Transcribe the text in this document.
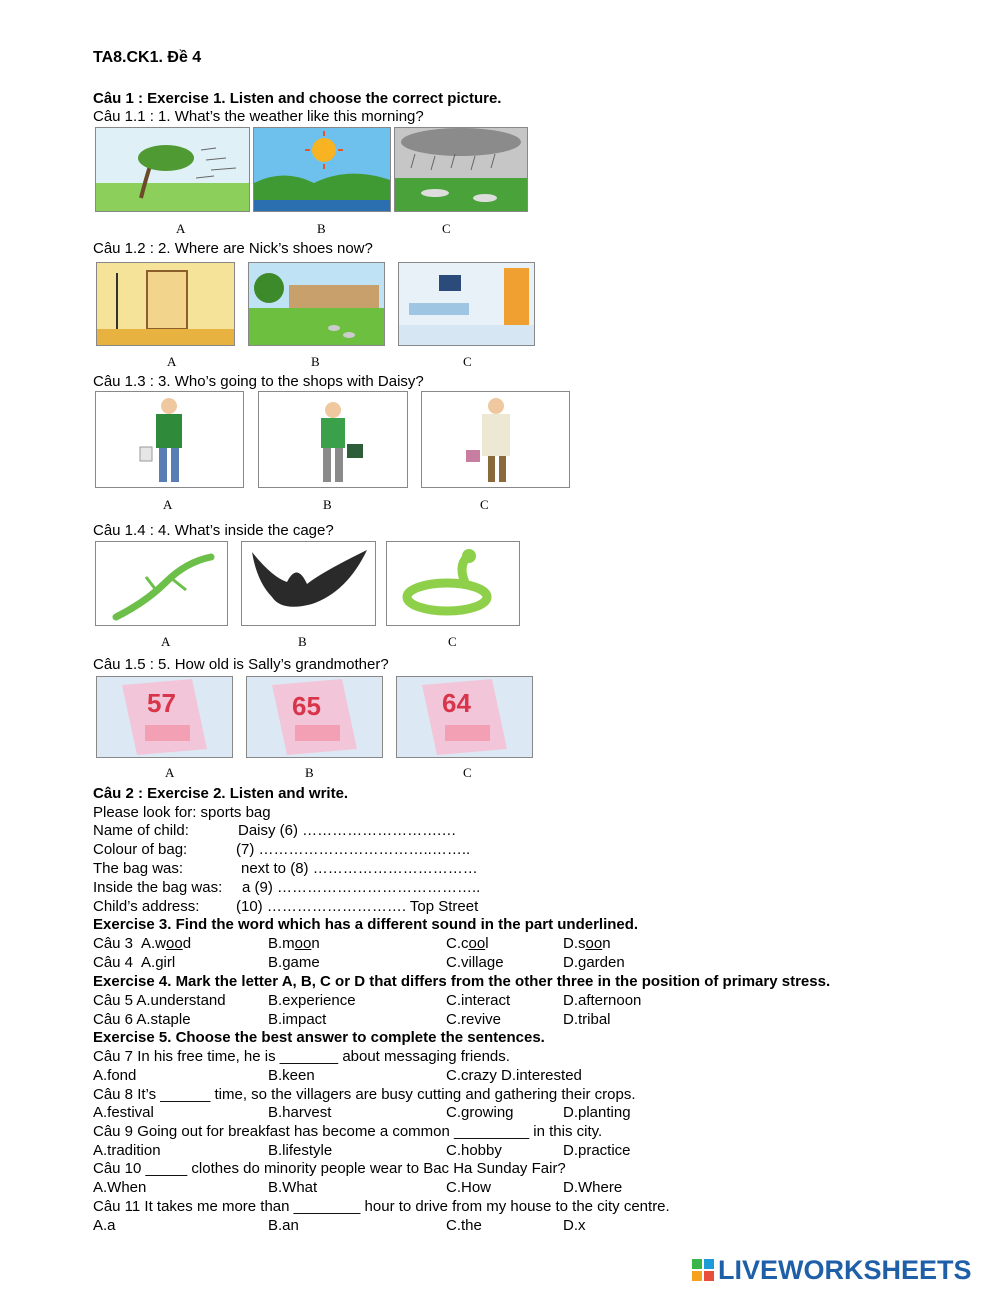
TA8.CK1. Đề 4
Câu 1 : Exercise 1. Listen and choose the correct picture.
Câu 1.1 : 1. What’s the weather like this morning?
A	B	C
Câu 1.2 : 2. Where are Nick’s shoes now?
A	B	C
Câu 1.3 : 3. Who’s going to the shops with Daisy?
A	B	C
Câu 1.4 : 4. What’s inside the cage?
A	B	C
Câu 1.5 : 5. How old is Sally’s grandmother?
57	65	64
A	B	C
Câu 2 : Exercise 2. Listen and write.
Please look for: sports bag
Name of child:	Daisy (6) ……………………….…
Colour of bag:	(7) ……………………………..……..
The bag was:	next to (8) ……………………………
Inside the bag was: a (9) …………………………………..
Child’s address: (10) ………………………. Top Street
Exercise 3. Find the word which has a different sound in the part underlined.
Câu 3 A.wood	B.moon	C.cool	D.soon
Câu 4 A.girl	B.game	C.village	D.garden
Exercise 4. Mark the letter A, B, C or D that differs from the other three in the position of primary stress.
Câu 5 A.understand	B.experience	C.interact	D.afternoon
Câu 6 A.staple	B.impact	C.revive	D.tribal
Exercise 5. Choose the best answer to complete the sentences.
Câu 7 In his free time, he is _______ about messaging friends.
A.fond	B.keen	C.crazy D.interested
Câu 8 It’s ______ time, so the villagers are busy cutting and gathering their crops.
A.festival	B.harvest	C.growing	D.planting
Câu 9 Going out for breakfast has become a common _________ in this city.
A.tradition	B.lifestyle	C.hobby	D.practice
Câu 10 _____ clothes do minority people wear to Bac Ha Sunday Fair?
A.When	B.What	C.How	D.Where
Câu 11 It takes me more than ________ hour to drive from my house to the city centre.
A.a	B.an	C.the	D.x
LIVEWORKSHEETS
